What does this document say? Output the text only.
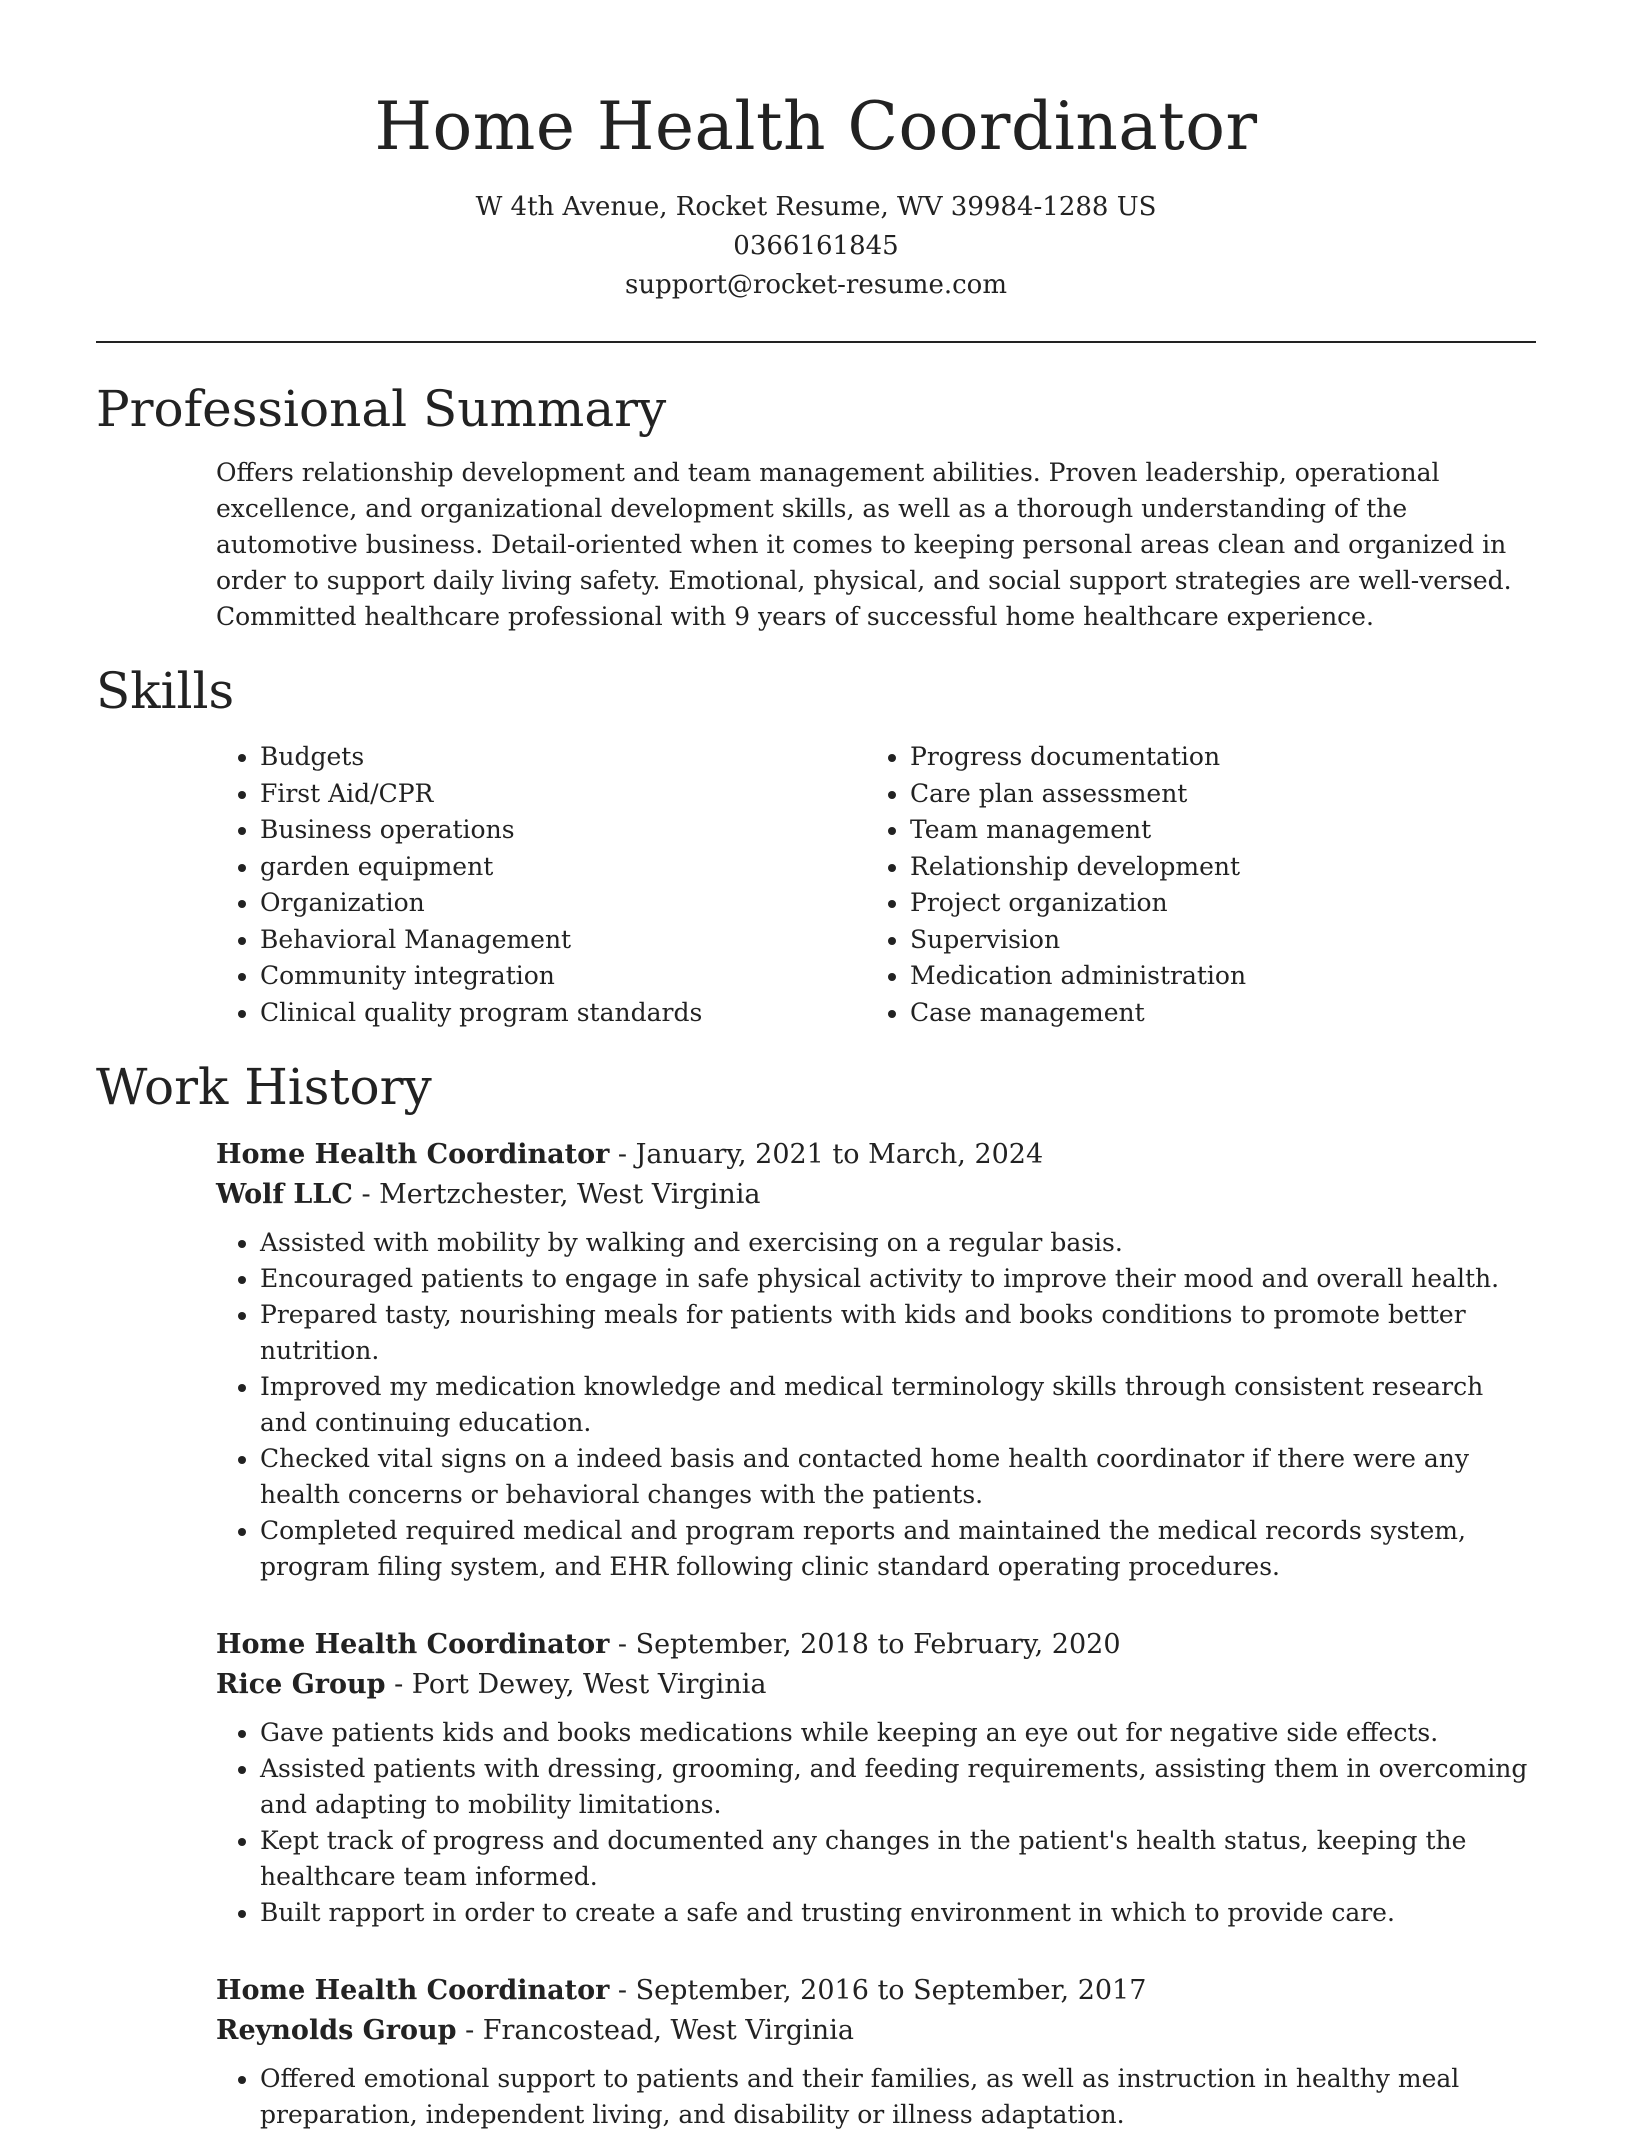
Home Health Coordinator
W 4th Avenue, Rocket Resume, WV 39984-1288 US
0366161845
support@rocket-resume.com
Professional Summary

Offers relationship development and team management abilities. Proven leadership, operational excellence, and organizational development skills, as well as a thorough understanding of the automotive business. Detail-oriented when it comes to keeping personal areas clean and organized in order to support daily living safety. Emotional, physical, and social support strategies are well-versed. Committed healthcare professional with 9 years of successful home healthcare experience.

Skills
• Budgets
• First Aid/CPR
• Business operations
• garden equipment
• Organization
• Behavioral Management
• Community integration
• Clinical quality program standards
• Progress documentation
• Care plan assessment
• Team management
• Relationship development
• Project organization
• Supervision
• Medication administration
• Case management
Work History
Home Health Coordinator - January, 2021 to March, 2024
Wolf LLC - Mertzchester, West Virginia
• Assisted with mobility by walking and exercising on a regular basis.
• Encouraged patients to engage in safe physical activity to improve their mood and overall health.
• Prepared tasty, nourishing meals for patients with kids and books conditions to promote better nutrition.
• Improved my medication knowledge and medical terminology skills through consistent research and continuing education.
• Checked vital signs on a indeed basis and contacted home health coordinator if there were any health concerns or behavioral changes with the patients.
• Completed required medical and program reports and maintained the medical records system, program filing system, and EHR following clinic standard operating procedures.
Home Health Coordinator - September, 2018 to February, 2020
Rice Group - Port Dewey, West Virginia
• Gave patients kids and books medications while keeping an eye out for negative side effects.
• Assisted patients with dressing, grooming, and feeding requirements, assisting them in overcoming and adapting to mobility limitations.
• Kept track of progress and documented any changes in the patient's health status, keeping the healthcare team informed.
• Built rapport in order to create a safe and trusting environment in which to provide care.
Home Health Coordinator - September, 2016 to September, 2017
Reynolds Group - Francostead, West Virginia
• Offered emotional support to patients and their families, as well as instruction in healthy meal preparation, independent living, and disability or illness adaptation.
